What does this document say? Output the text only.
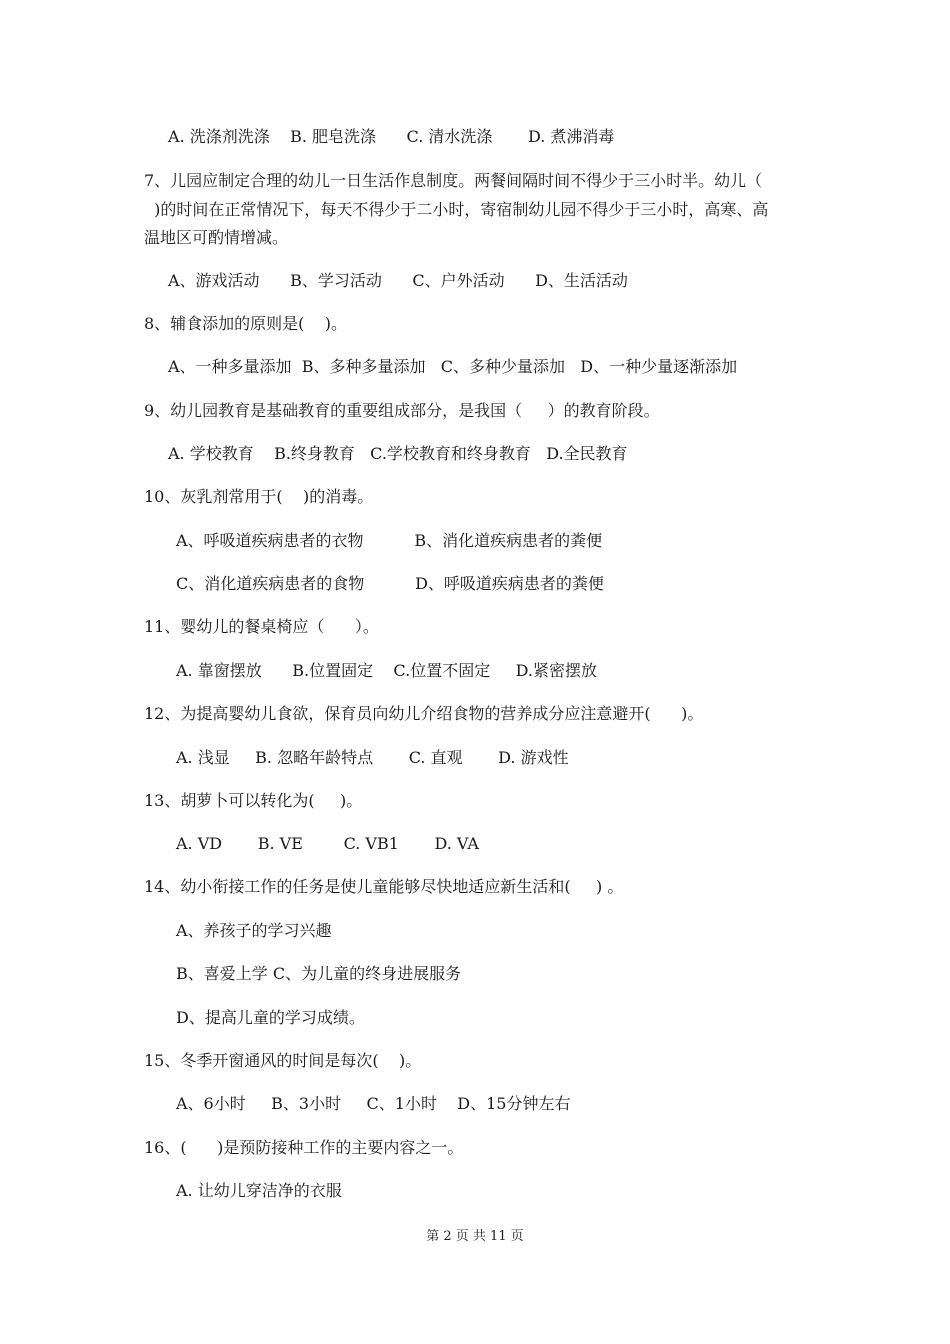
A. 洗涤剂洗涤    B. 肥皂洗涤      C. 清水洗涤       D. 煮沸消毒
7、儿园应制定合理的幼儿一日生活作息制度。两餐间隔时间不得少于三小时半。幼儿（
)的时间在正常情况下，每天不得少于二小时，寄宿制幼儿园不得少于三小时，高寒、高
温地区可酌情增减。
A、游戏活动      B、学习活动      C、户外活动      D、生活活动
8、辅食添加的原则是(    )。
A、一种多量添加  B、多种多量添加   C、多种少量添加   D、一种少量逐渐添加
9、幼儿园教育是基础教育的重要组成部分，是我国（     ）的教育阶段。
A. 学校教育    B.终身教育   C.学校教育和终身教育   D.全民教育
10、灰乳剂常用于(    )的消毒。
A、呼吸道疾病患者的衣物          B、消化道疾病患者的粪便
C、消化道疾病患者的食物          D、呼吸道疾病患者的粪便
11、婴幼儿的餐桌椅应（      ）。
A. 靠窗摆放      B.位置固定    C.位置不固定     D.紧密摆放
12、为提高婴幼儿食欲，保育员向幼儿介绍食物的营养成分应注意避开(      )。
A. 浅显     B. 忽略年龄特点       C. 直观       D. 游戏性
13、胡萝卜可以转化为(     )。
A. VD       B. VE        C. VB1       D. VA
14、幼小衔接工作的任务是使儿童能够尽快地适应新生活和(     ) 。
A、养孩子的学习兴趣
B、喜爱上学 C、为儿童的终身进展服务
D、提高儿童的学习成绩。
15、冬季开窗通风的时间是每次(    )。
A、6小时     B、3小时     C、1小时    D、15分钟左右
16、(      )是预防接种工作的主要内容之一。
A. 让幼儿穿洁净的衣服
第 2 页 共 11 页
